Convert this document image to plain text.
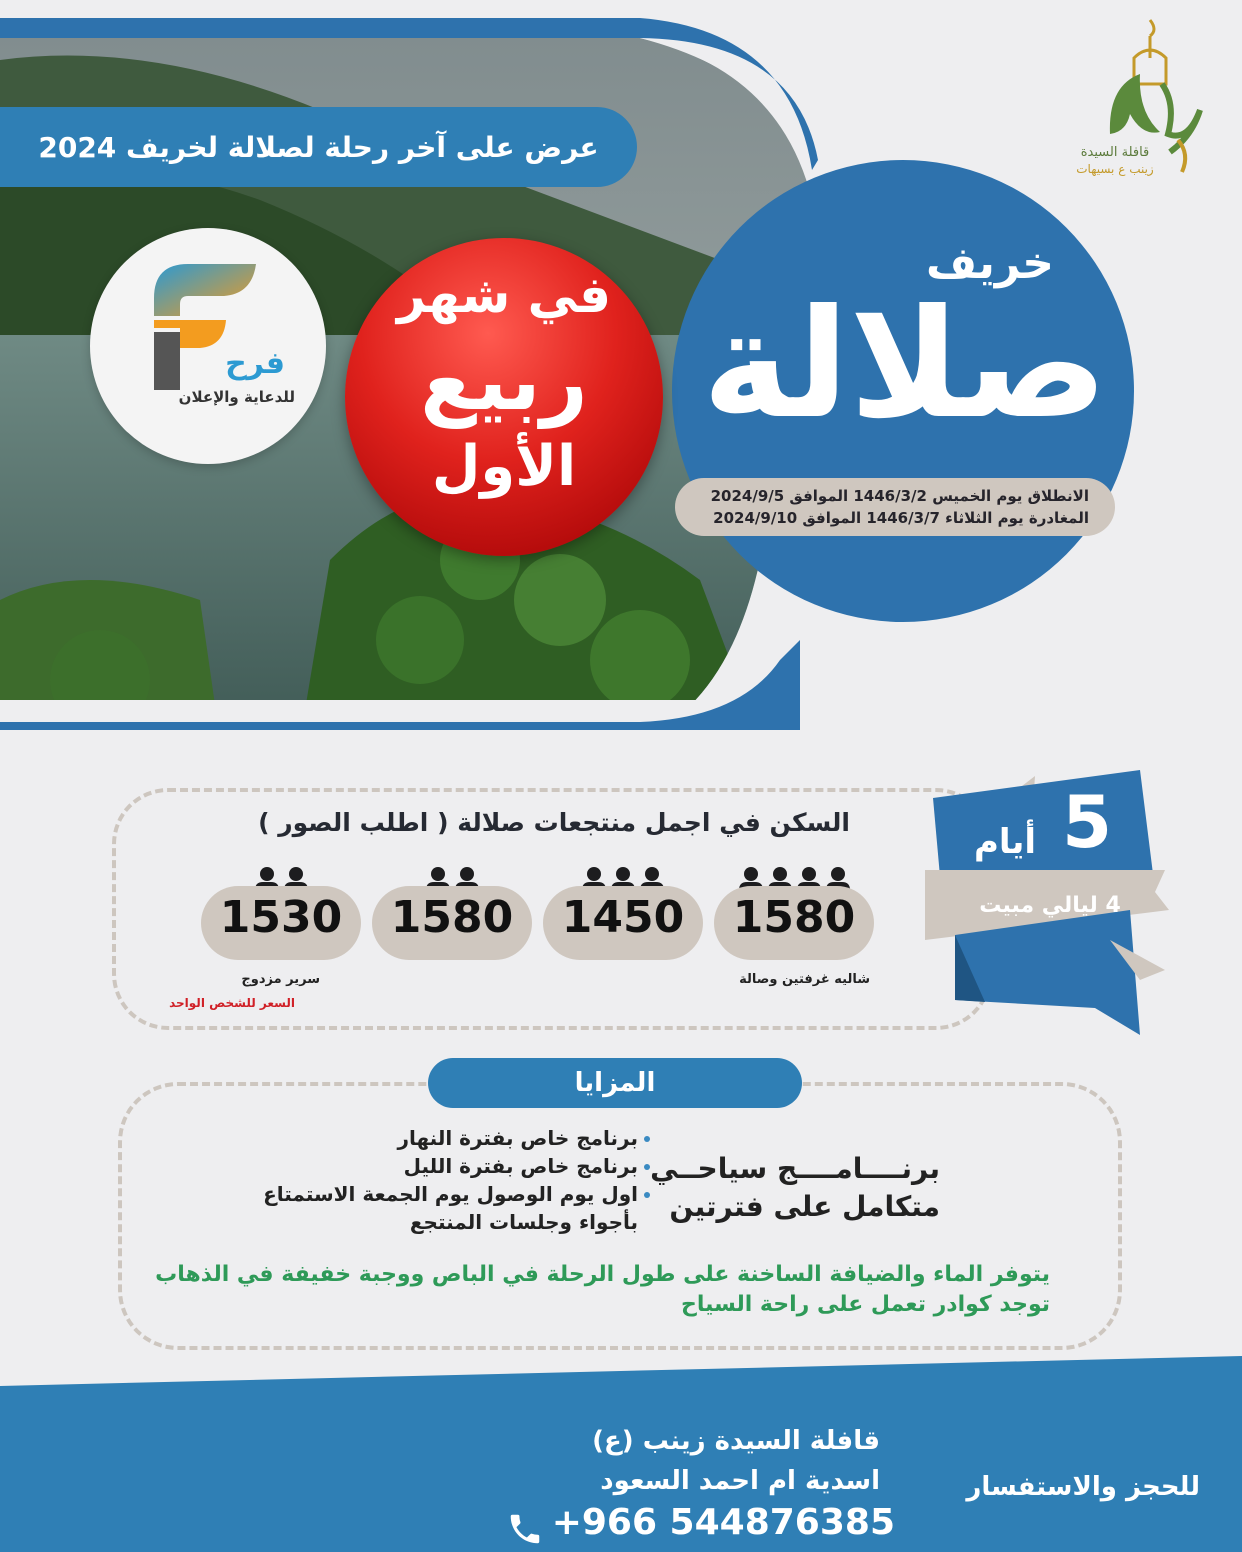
عرض على آخر رحلة لصلالة لخريف 2024
خريف
صلالة
الانطلاق يوم الخميس 1446/3/2 الموافق 2024/9/5
المغادرة يوم الثلاثاء 1446/3/7 الموافق 2024/9/10
في شهر
ربيع
الأول
فرح
للدعاية والإعلان
قافلة السيدة
زينب ع بسيهات
السكن في اجمل منتجعات صلالة ( اطلب الصور )
1580
1450
1580
1530
شاليه غرفتين وصالة
سرير مزدوج
السعر للشخص الواحد
5
أيام
4 ليالي مبيت
المزايا
برنــــامــــج سياحــي
متكامل على فترتين
برنامج خاص بفترة النهار
برنامج خاص بفترة الليل
اول يوم الوصول يوم الجمعة الاستمتاع
بأجواء وجلسات المنتجع
يتوفر الماء والضيافة الساخنة على طول الرحلة في الباص ووجبة خفيفة في الذهاب
توجد كوادر تعمل على راحة السياح
قافلة السيدة زينب (ع)
اسدية ام احمد السعود
+966 544876385
للحجز والاستفسار
